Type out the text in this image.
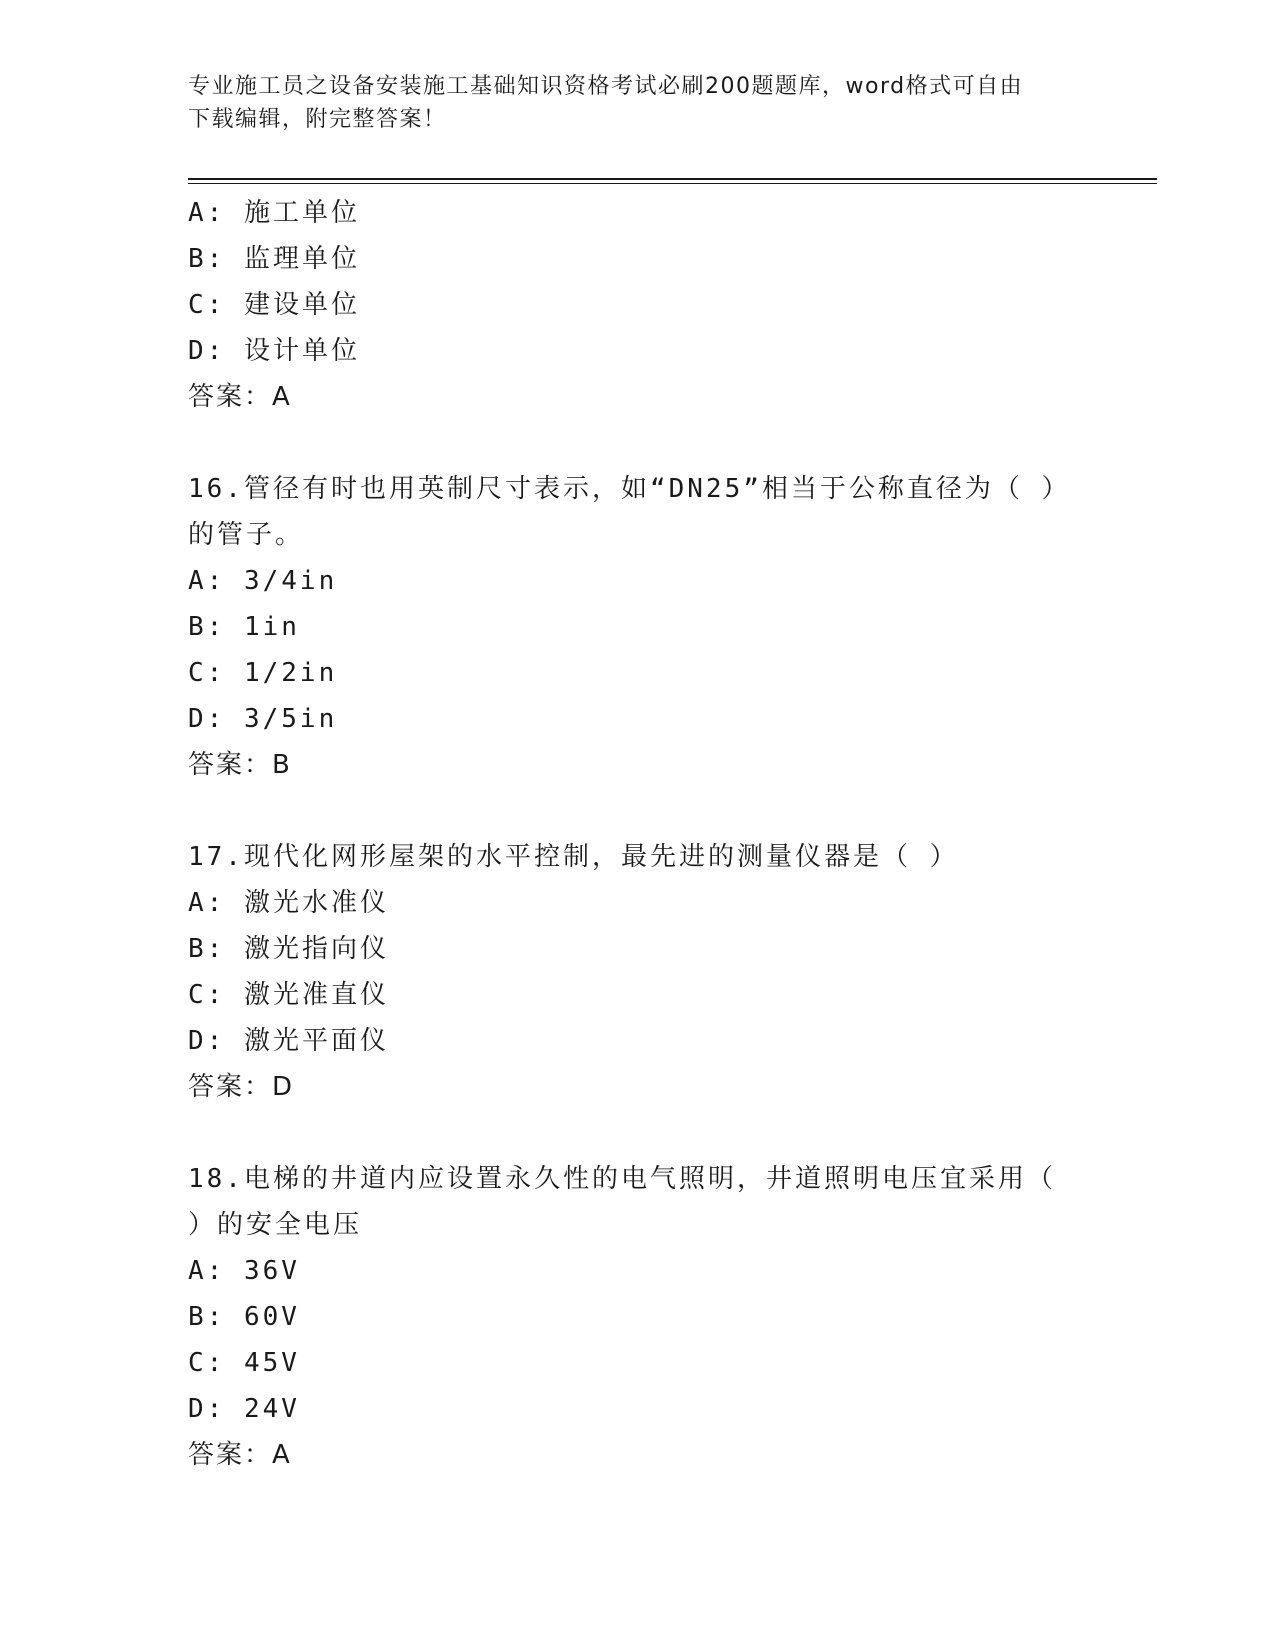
专业施工员之设备安装施工基础知识资格考试必刷200题题库，word格式可自由
下载编辑，附完整答案！
A: 施工单位
B: 监理单位
C: 建设单位
D: 设计单位
答案：A
16.管径有时也用英制尺寸表示，如“DN25”相当于公称直径为（ ）
的管子。
A: 3/4in
B: 1in
C: 1/2in
D: 3/5in
答案：B
17.现代化网形屋架的水平控制，最先进的测量仪器是（ ）
A: 激光水准仪
B: 激光指向仪
C: 激光准直仪
D: 激光平面仪
答案：D
18.电梯的井道内应设置永久性的电气照明，井道照明电压宜采用（
）的安全电压
A: 36V
B: 60V
C: 45V
D: 24V
答案：A
